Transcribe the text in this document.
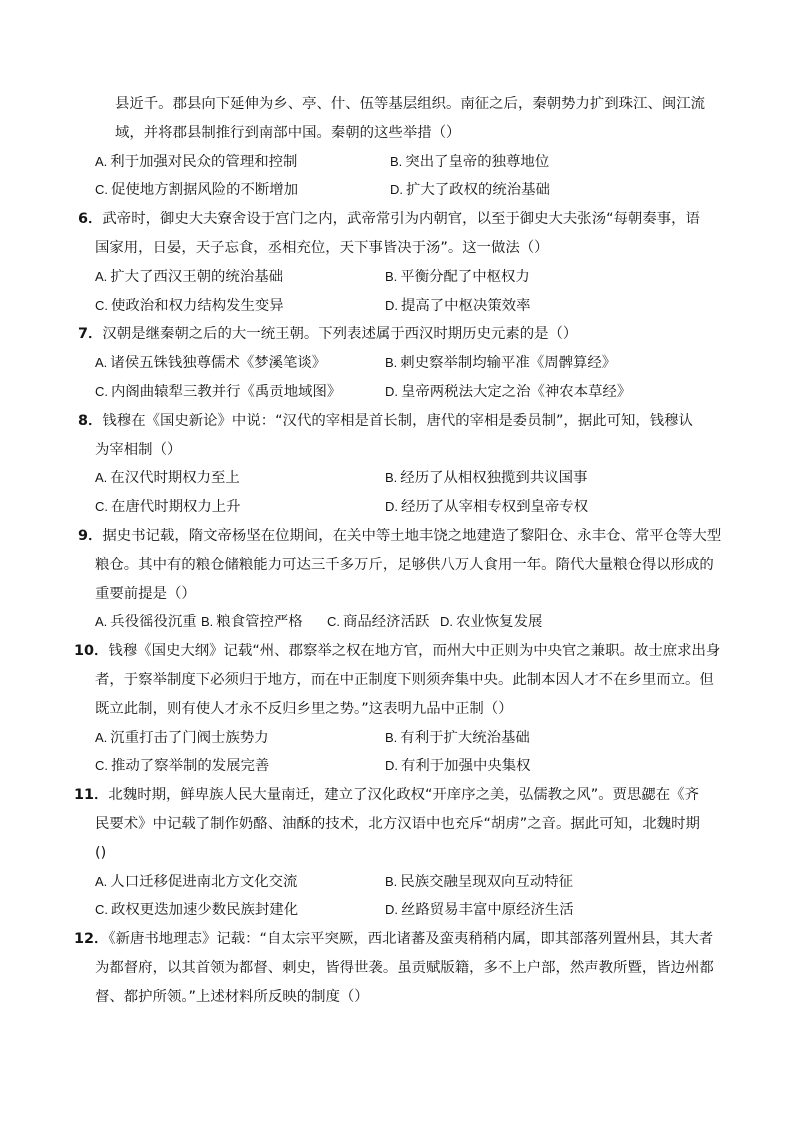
县近千。郡县向下延伸为乡、亭、什、伍等基层组织。南征之后，秦朝势力扩到珠江、闽江流
域，并将郡县制推行到南部中国。秦朝的这些举措（）
A. 利于加强对民众的管理和控制	B. 突出了皇帝的独尊地位
C. 促使地方割据风险的不断增加	D. 扩大了政权的统治基础
6．武帝时，御史大夫寮舍设于宫门之内，武帝常引为内朝官，以至于御史大夫张汤“每朝奏事，语
国家用，日晏，天子忘食，丞相充位，天下事皆决于汤”。这一做法（）
A. 扩大了西汉王朝的统治基础	B. 平衡分配了中枢权力
C. 使政治和权力结构发生变异	D. 提高了中枢决策效率
7．汉朝是继秦朝之后的大一统王朝。下列表述属于西汉时期历史元素的是（）
A. 诸侯五铢钱独尊儒术《梦溪笔谈》	B. 刺史察举制均输平准《周髀算经》
C. 内阁曲辕犁三教并行《禹贡地域图》	D. 皇帝两税法大定之治《神农本草经》
8．钱穆在《国史新论》中说：“汉代的宰相是首长制，唐代的宰相是委员制”，据此可知，钱穆认
为宰相制（）
A. 在汉代时期权力至上	B. 经历了从相权独揽到共议国事
C. 在唐代时期权力上升	D. 经历了从宰相专权到皇帝专权
9．据史书记载，隋文帝杨坚在位期间，在关中等土地丰饶之地建造了黎阳仓、永丰仓、常平仓等大型
粮仓。其中有的粮仓储粮能力可达三千多万斤，足够供八万人食用一年。隋代大量粮仓得以形成的
重要前提是（）
A. 兵役徭役沉重 B. 粮食管控严格 C. 商品经济活跃 D. 农业恢复发展
10．钱穆《国史大纲》记载“州、郡察举之权在地方官，而州大中正则为中央官之兼职。故士庶求出身
者，于察举制度下必须归于地方，而在中正制度下则须奔集中央。此制本因人才不在乡里而立。但
既立此制，则有使人才永不反归乡里之势。”这表明九品中正制（）
A. 沉重打击了门阀士族势力	B. 有利于扩大统治基础
C. 推动了察举制的发展完善	D. 有利于加强中央集权
11．北魏时期，鲜卑族人民大量南迁，建立了汉化政权“开庠序之美，弘儒教之风”。贾思勰在《齐
民要术》中记载了制作奶酪、油酥的技术，北方汉语中也充斥“胡虏”之音。据此可知，北魏时期
()
A. 人口迁移促进南北方文化交流	B. 民族交融呈现双向互动特征
C. 政权更迭加速少数民族封建化	D. 丝路贸易丰富中原经济生活
12．《新唐书地理志》记载：“自太宗平突厥，西北诸蕃及蛮夷稍稍内属，即其部落列置州县，其大者
为都督府，以其首领为都督、刺史，皆得世袭。虽贡赋版籍，多不上户部，然声教所暨，皆边州都
督、都护所领。”上述材料所反映的制度（）
